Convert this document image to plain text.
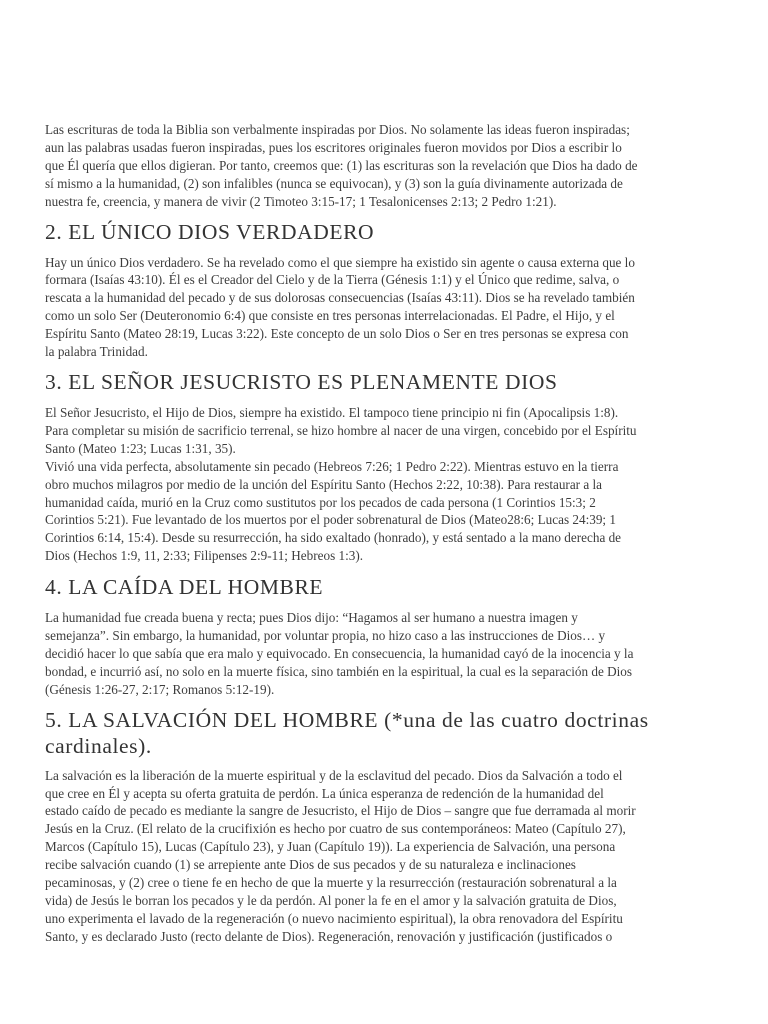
Las escrituras de toda la Biblia son verbalmente inspiradas por Dios. No solamente las ideas fueron inspiradas;
aun las palabras usadas fueron inspiradas, pues los escritores originales fueron movidos por Dios a escribir lo
que Él quería que ellos digieran. Por tanto, creemos que: (1) las escrituras son la revelación que Dios ha dado de
sí mismo a la humanidad, (2) son infalibles (nunca se equivocan), y (3) son la guía divinamente autorizada de
nuestra fe, creencia, y manera de vivir (2 Timoteo 3:15-17; 1 Tesalonicenses 2:13; 2 Pedro 1:21).

2. EL ÚNICO DIOS VERDADERO

Hay un único Dios verdadero. Se ha revelado como el que siempre ha existido sin agente o causa externa que lo
formara (Isaías 43:10). Él es el Creador del Cielo y de la Tierra (Génesis 1:1) y el Único que redime, salva, o
rescata a la humanidad del pecado y de sus dolorosas consecuencias (Isaías 43:11). Dios se ha revelado también
como un solo Ser (Deuteronomio 6:4) que consiste en tres personas interrelacionadas. El Padre, el Hijo, y el
Espíritu Santo (Mateo 28:19, Lucas 3:22). Este concepto de un solo Dios o Ser en tres personas se expresa con
la palabra Trinidad.

3. EL SEÑOR JESUCRISTO ES PLENAMENTE DIOS

El Señor Jesucristo, el Hijo de Dios, siempre ha existido. El tampoco tiene principio ni fin (Apocalipsis 1:8).
Para completar su misión de sacrificio terrenal, se hizo hombre al nacer de una virgen, concebido por el Espíritu
Santo (Mateo 1:23; Lucas 1:31, 35).
Vivió una vida perfecta, absolutamente sin pecado (Hebreos 7:26; 1 Pedro 2:22). Mientras estuvo en la tierra
obro muchos milagros por medio de la unción del Espíritu Santo (Hechos 2:22, 10:38). Para restaurar a la
humanidad caída, murió en la Cruz como sustitutos por los pecados de cada persona (1 Corintios 15:3; 2
Corintios 5:21). Fue levantado de los muertos por el poder sobrenatural de Dios (Mateo28:6; Lucas 24:39; 1
Corintios 6:14, 15:4). Desde su resurrección, ha sido exaltado (honrado), y está sentado a la mano derecha de
Dios (Hechos 1:9, 11, 2:33; Filipenses 2:9-11; Hebreos 1:3).

4. LA CAÍDA DEL HOMBRE

La humanidad fue creada buena y recta; pues Dios dijo: “Hagamos al ser humano a nuestra imagen y
semejanza”. Sin embargo, la humanidad, por voluntar propia, no hizo caso a las instrucciones de Dios… y
decidió hacer lo que sabía que era malo y equivocado. En consecuencia, la humanidad cayó de la inocencia y la
bondad, e incurrió así, no solo en la muerte física, sino también en la espiritual, la cual es la separación de Dios
(Génesis 1:26-27, 2:17; Romanos 5:12-19).

5. LA SALVACIÓN DEL HOMBRE (*una de las cuatro doctrinas
cardinales).

La salvación es la liberación de la muerte espiritual y de la esclavitud del pecado. Dios da Salvación a todo el
que cree en Él y acepta su oferta gratuita de perdón. La única esperanza de redención de la humanidad del
estado caído de pecado es mediante la sangre de Jesucristo, el Hijo de Dios – sangre que fue derramada al morir
Jesús en la Cruz. (El relato de la crucifixión es hecho por cuatro de sus contemporáneos: Mateo (Capítulo 27),
Marcos (Capítulo 15), Lucas (Capítulo 23), y Juan (Capítulo 19)). La experiencia de Salvación, una persona
recibe salvación cuando (1) se arrepiente ante Dios de sus pecados y de su naturaleza e inclinaciones
pecaminosas, y (2) cree o tiene fe en hecho de que la muerte y la resurrección (restauración sobrenatural a la
vida) de Jesús le borran los pecados y le da perdón. Al poner la fe en el amor y la salvación gratuita de Dios,
uno experimenta el lavado de la regeneración (o nuevo nacimiento espiritual), la obra renovadora del Espíritu
Santo, y es declarado Justo (recto delante de Dios). Regeneración, renovación y justificación (justificados o
